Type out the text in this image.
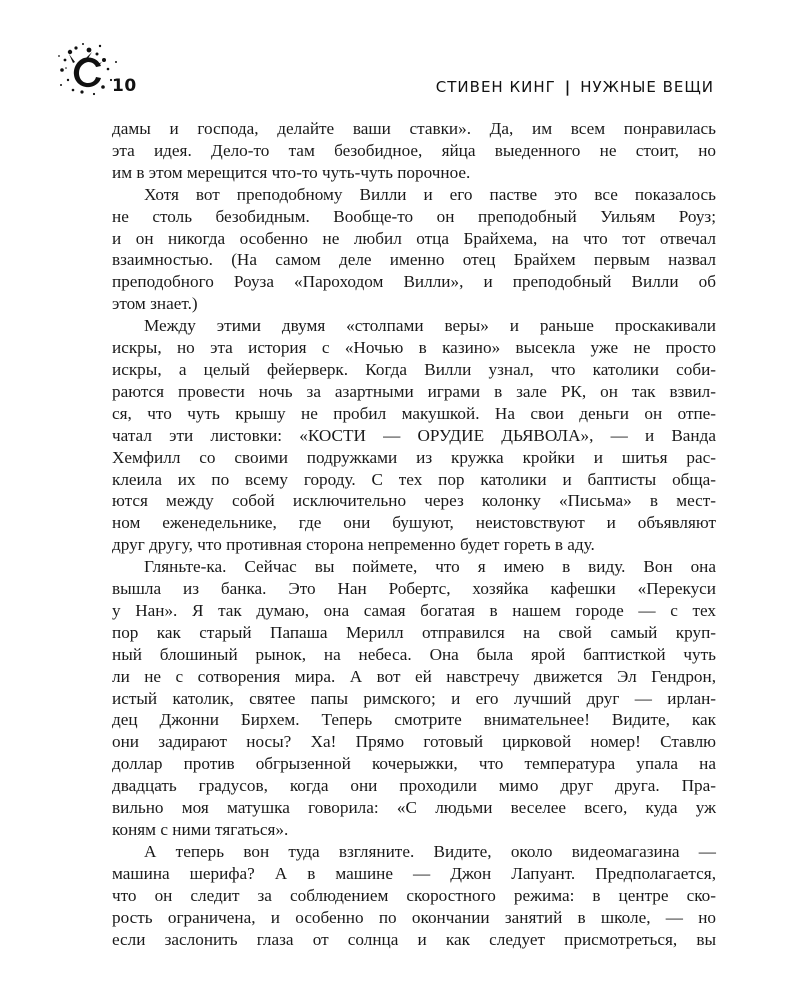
10	СТИВЕН КИНГ | НУЖНЫЕ ВЕЩИ

дамы и господа, делайте ваши ставки». Да, им всем понравилась
эта идея. Дело-то там безобидное, яйца выеденного не стоит, но
им в этом мерещится что-то чуть-чуть порочное.

Хотя вот преподобному Вилли и его пастве это все показалось
не столь безобидным. Вообще-то он преподобный Уильям Роуз;
и он никогда особенно не любил отца Брайхема, на что тот отвечал
взаимностью. (На самом деле именно отец Брайхем первым назвал
преподобного Роуза «Пароходом Вилли», и преподобный Вилли об
этом знает.)

Между этими двумя «столпами веры» и раньше проскакивали
искры, но эта история с «Ночью в казино» высекла уже не просто
искры, а целый фейерверк. Когда Вилли узнал, что католики соби-
раются провести ночь за азартными играми в зале РК, он так взвил-
ся, что чуть крышу не пробил макушкой. На свои деньги он отпе-
чатал эти листовки: «КОСТИ — ОРУДИЕ ДЬЯВОЛА», — и Ванда
Хемфилл со своими подружками из кружка кройки и шитья рас-
клеила их по всему городу. С тех пор католики и баптисты обща-
ются между собой исключительно через колонку «Письма» в мест-
ном еженедельнике, где они бушуют, неистовствуют и объявляют
друг другу, что противная сторона непременно будет гореть в аду.

Гляньте-ка. Сейчас вы поймете, что я имею в виду. Вон она
вышла из банка. Это Нан Робертс, хозяйка кафешки «Перекуси
у Нан». Я так думаю, она самая богатая в нашем городе — с тех
пор как старый Папаша Мерилл отправился на свой самый круп-
ный блошиный рынок, на небеса. Она была ярой баптисткой чуть
ли не с сотворения мира. А вот ей навстречу движется Эл Гендрон,
истый католик, святее папы римского; и его лучший друг — ирлан-
дец Джонни Бирхем. Теперь смотрите внимательнее! Видите, как
они задирают носы? Ха! Прямо готовый цирковой номер! Ставлю
доллар против обгрызенной кочерыжки, что температура упала на
двадцать градусов, когда они проходили мимо друг друга. Пра-
вильно моя матушка говорила: «С людьми веселее всего, куда уж
коням с ними тягаться».

А теперь вон туда взгляните. Видите, около видеомагазина —
машина шерифа? А в машине — Джон Лапуант. Предполагается,
что он следит за соблюдением скоростного режима: в центре ско-
рость ограничена, и особенно по окончании занятий в школе, — но
если заслонить глаза от солнца и как следует присмотреться, вы
